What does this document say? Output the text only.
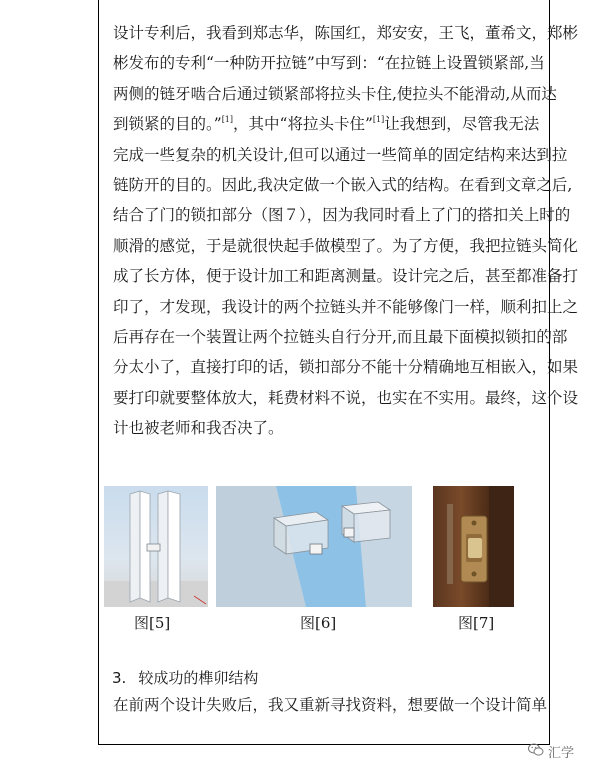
设计专利后，我看到郑志华，陈国红，郑安安，王飞，董希文，郑彬
彬发布的专利“一种防开拉链”中写到：“在拉链上设置锁紧部,当
两侧的链牙啮合后通过锁紧部将拉头卡住,使拉头不能滑动,从而达
到锁紧的目的。”[1]，其中“将拉头卡住”[1]让我想到，尽管我无法
完成一些复杂的机关设计,但可以通过一些简单的固定结构来达到拉
链防开的目的。因此,我决定做一个嵌入式的结构。在看到文章之后,
结合了门的锁扣部分（图７），因为我同时看上了门的搭扣关上时的
顺滑的感觉，于是就很快起手做模型了。为了方便，我把拉链头简化
成了长方体，便于设计加工和距离测量。设计完之后，甚至都准备打
印了，才发现，我设计的两个拉链头并不能够像门一样，顺利扣上之
后再存在一个装置让两个拉链头自行分开,而且最下面模拟锁扣的部
分太小了，直接打印的话，锁扣部分不能十分精确地互相嵌入，如果
要打印就要整体放大，耗费材料不说，也实在不实用。最终，这个设
计也被老师和我否决了。
图[5]	图[6]	图[7]
3. 较成功的榫卯结构
在前两个设计失败后，我又重新寻找资料，想要做一个设计简单
汇学
